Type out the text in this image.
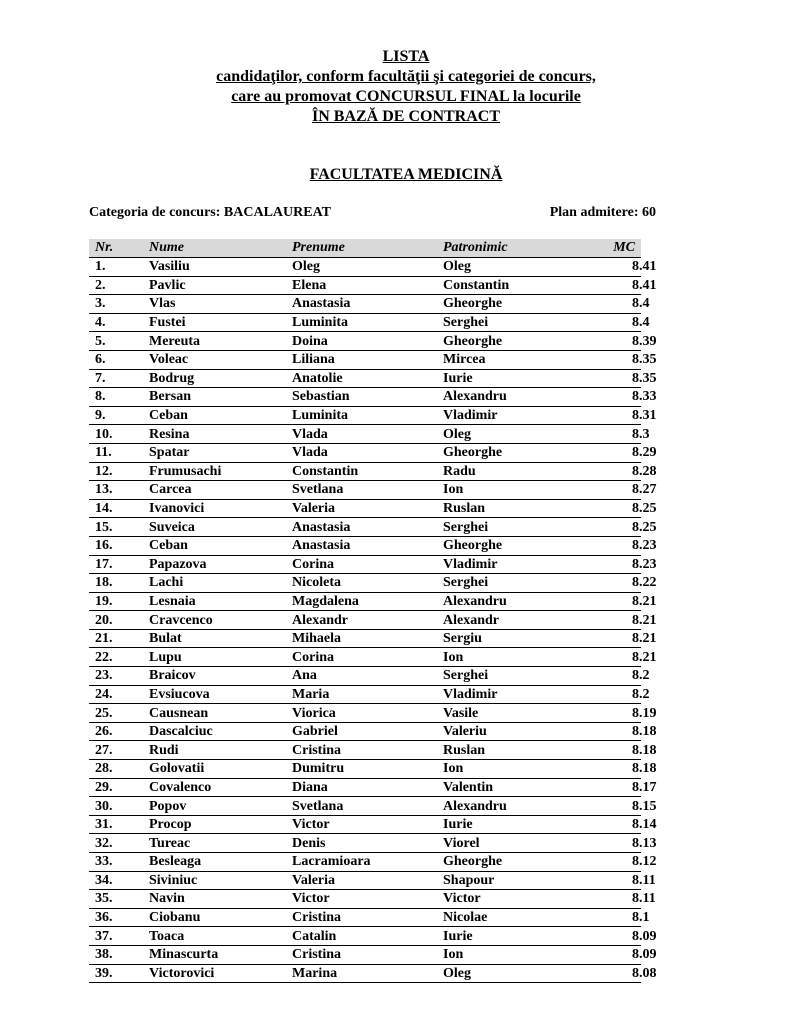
LISTA
candidaţilor, conform facultăţii şi categoriei de concurs,
care au promovat CONCURSUL FINAL la locurile
ÎN BAZĂ DE CONTRACT
FACULTATEA MEDICINĂ
Categoria de concurs: BACALAUREAT	Plan admitere: 60
Nr.	Nume	Prenume	Patronimic	MC
1.	Vasiliu	Oleg	Oleg	8.41
2.	Pavlic	Elena	Constantin	8.41
3.	Vlas	Anastasia	Gheorghe	8.4
4.	Fustei	Luminita	Serghei	8.4
5.	Mereuta	Doina	Gheorghe	8.39
6.	Voleac	Liliana	Mircea	8.35
7.	Bodrug	Anatolie	Iurie	8.35
8.	Bersan	Sebastian	Alexandru	8.33
9.	Ceban	Luminita	Vladimir	8.31
10.	Resina	Vlada	Oleg	8.3
11.	Spatar	Vlada	Gheorghe	8.29
12.	Frumusachi	Constantin	Radu	8.28
13.	Carcea	Svetlana	Ion	8.27
14.	Ivanovici	Valeria	Ruslan	8.25
15.	Suveica	Anastasia	Serghei	8.25
16.	Ceban	Anastasia	Gheorghe	8.23
17.	Papazova	Corina	Vladimir	8.23
18.	Lachi	Nicoleta	Serghei	8.22
19.	Lesnaia	Magdalena	Alexandru	8.21
20.	Cravcenco	Alexandr	Alexandr	8.21
21.	Bulat	Mihaela	Sergiu	8.21
22.	Lupu	Corina	Ion	8.21
23.	Braicov	Ana	Serghei	8.2
24.	Evsiucova	Maria	Vladimir	8.2
25.	Causnean	Viorica	Vasile	8.19
26.	Dascalciuc	Gabriel	Valeriu	8.18
27.	Rudi	Cristina	Ruslan	8.18
28.	Golovatii	Dumitru	Ion	8.18
29.	Covalenco	Diana	Valentin	8.17
30.	Popov	Svetlana	Alexandru	8.15
31.	Procop	Victor	Iurie	8.14
32.	Tureac	Denis	Viorel	8.13
33.	Besleaga	Lacramioara	Gheorghe	8.12
34.	Siviniuc	Valeria	Shapour	8.11
35.	Navin	Victor	Victor	8.11
36.	Ciobanu	Cristina	Nicolae	8.1
37.	Toaca	Catalin	Iurie	8.09
38.	Minascurta	Cristina	Ion	8.09
39.	Victorovici	Marina	Oleg	8.08
